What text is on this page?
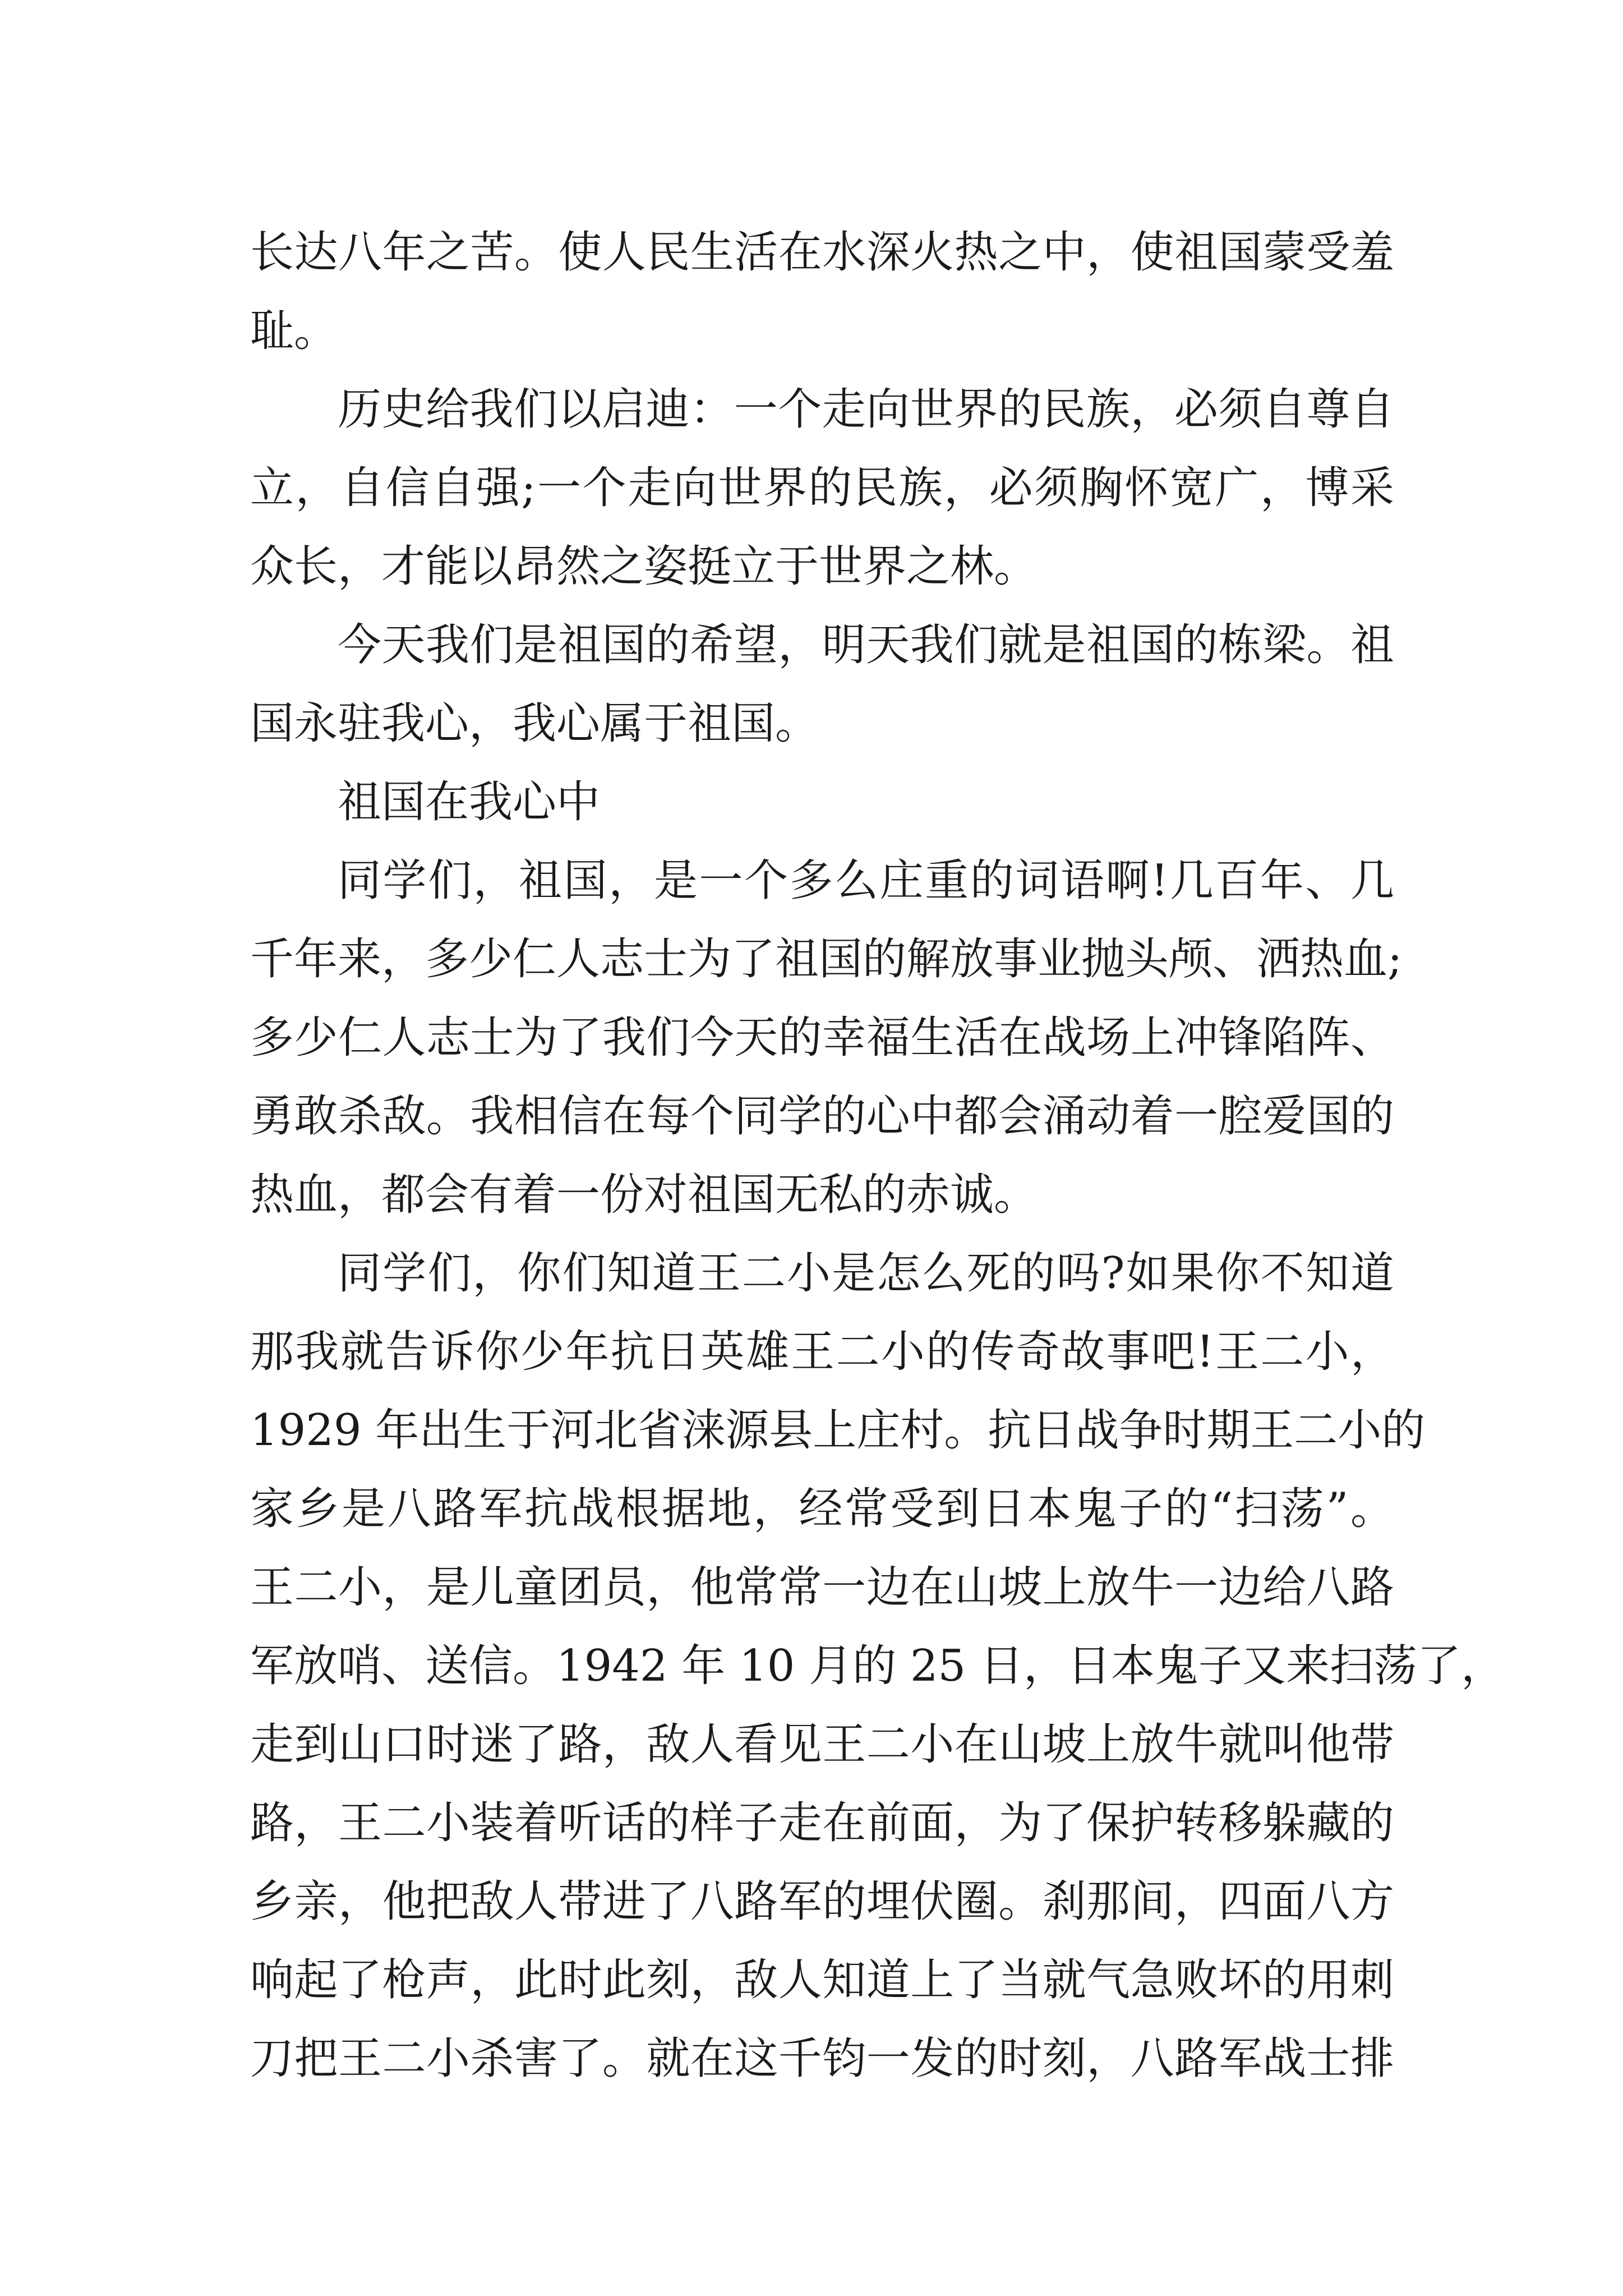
长达八年之苦。使人民生活在水深火热之中，使祖国蒙受羞
耻。
历史给我们以启迪：一个走向世界的民族，必须自尊自
立，自信自强;一个走向世界的民族，必须胸怀宽广，博采
众长，才能以昂然之姿挺立于世界之林。
今天我们是祖国的希望，明天我们就是祖国的栋梁。祖
国永驻我心，我心属于祖国。
祖国在我心中
同学们，祖国，是一个多么庄重的词语啊!几百年、几
千年来，多少仁人志士为了祖国的解放事业抛头颅、洒热血;
多少仁人志士为了我们今天的幸福生活在战场上冲锋陷阵、
勇敢杀敌。我相信在每个同学的心中都会涌动着一腔爱国的
热血，都会有着一份对祖国无私的赤诚。
同学们，你们知道王二小是怎么死的吗?如果你不知道
那我就告诉你少年抗日英雄王二小的传奇故事吧!王二小，
1929 年出生于河北省涞源县上庄村。抗日战争时期王二小的
家乡是八路军抗战根据地，经常受到日本鬼子的“扫荡”。
王二小，是儿童团员，他常常一边在山坡上放牛一边给八路
军放哨、送信。1942 年 10 月的 25 日，日本鬼子又来扫荡了，
走到山口时迷了路，敌人看见王二小在山坡上放牛就叫他带
路，王二小装着听话的样子走在前面，为了保护转移躲藏的
乡亲，他把敌人带进了八路军的埋伏圈。刹那间，四面八方
响起了枪声，此时此刻，敌人知道上了当就气急败坏的用刺
刀把王二小杀害了。就在这千钧一发的时刻，八路军战士排
